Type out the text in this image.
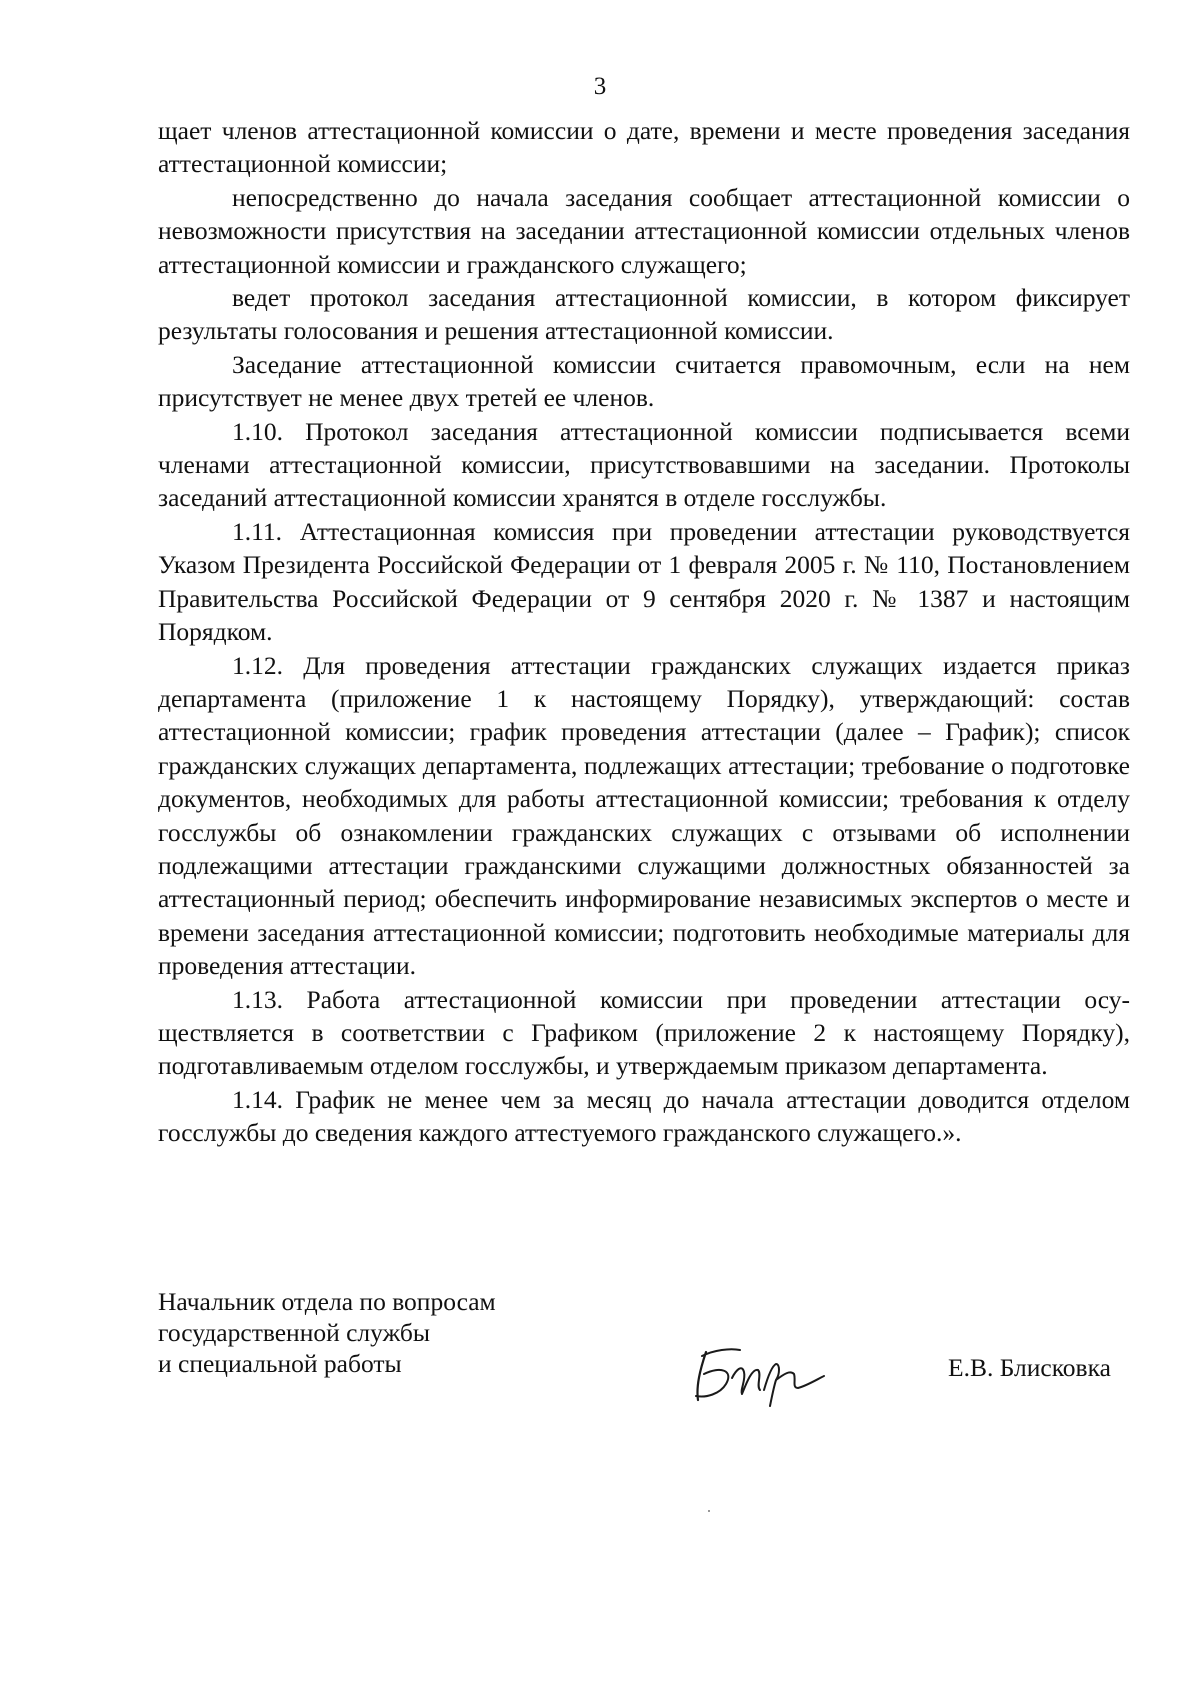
3

щает членов аттестационной комиссии о дате, времени и месте проведения заседания аттестационной комиссии;

непосредственно до начала заседания сообщает аттестационной комиссии о невозможности присутствия на заседании аттестационной комиссии отдельных членов аттестационной комиссии и гражданского служащего;

ведет протокол заседания аттестационной комиссии, в котором фиксирует результаты голосования и решения аттестационной комиссии.

Заседание аттестационной комиссии считается правомочным, если на нем присутствует не менее двух третей ее членов.

1.10. Протокол заседания аттестационной комиссии подписывается всеми членами аттестационной комиссии, присутствовавшими на заседании. Протоколы заседаний аттестационной комиссии хранятся в отделе госслужбы.

1.11. Аттестационная комиссия при проведении аттестации руководствуется Указом Президента Российской Федерации от 1 февраля 2005 г. № 110, Постановлением Правительства Российской Федерации от 9 сентября 2020 г. № 1387 и настоящим Порядком.

1.12. Для проведения аттестации гражданских служащих издается приказ департамента (приложение 1 к настоящему Порядку), утверждающий: состав аттестационной комиссии; график проведения аттестации (далее – График); список гражданских служащих департамента, подлежащих аттестации; требование о подготовке документов, необходимых для работы аттестационной комиссии; требования к отделу госслужбы об ознакомлении гражданских служащих с отзывами об исполнении подлежащими аттестации гражданскими служащими должностных обязанностей за аттестационный период; обеспечить информирование независимых экспертов о месте и времени заседания аттестационной комиссии; подготовить необходимые материалы для проведения аттестации.

1.13. Работа аттестационной комиссии при проведении аттестации осуществляется в соответствии с Графиком (приложение 2 к настоящему Порядку), подготавливаемым отделом госслужбы, и утверждаемым приказом департамента.

1.14. График не менее чем за месяц до начала аттестации доводится отделом госслужбы до сведения каждого аттестуемого гражданского служащего.».

Начальник отдела по вопросам
государственной службы
и специальной работы	Е.В. Блисковка
